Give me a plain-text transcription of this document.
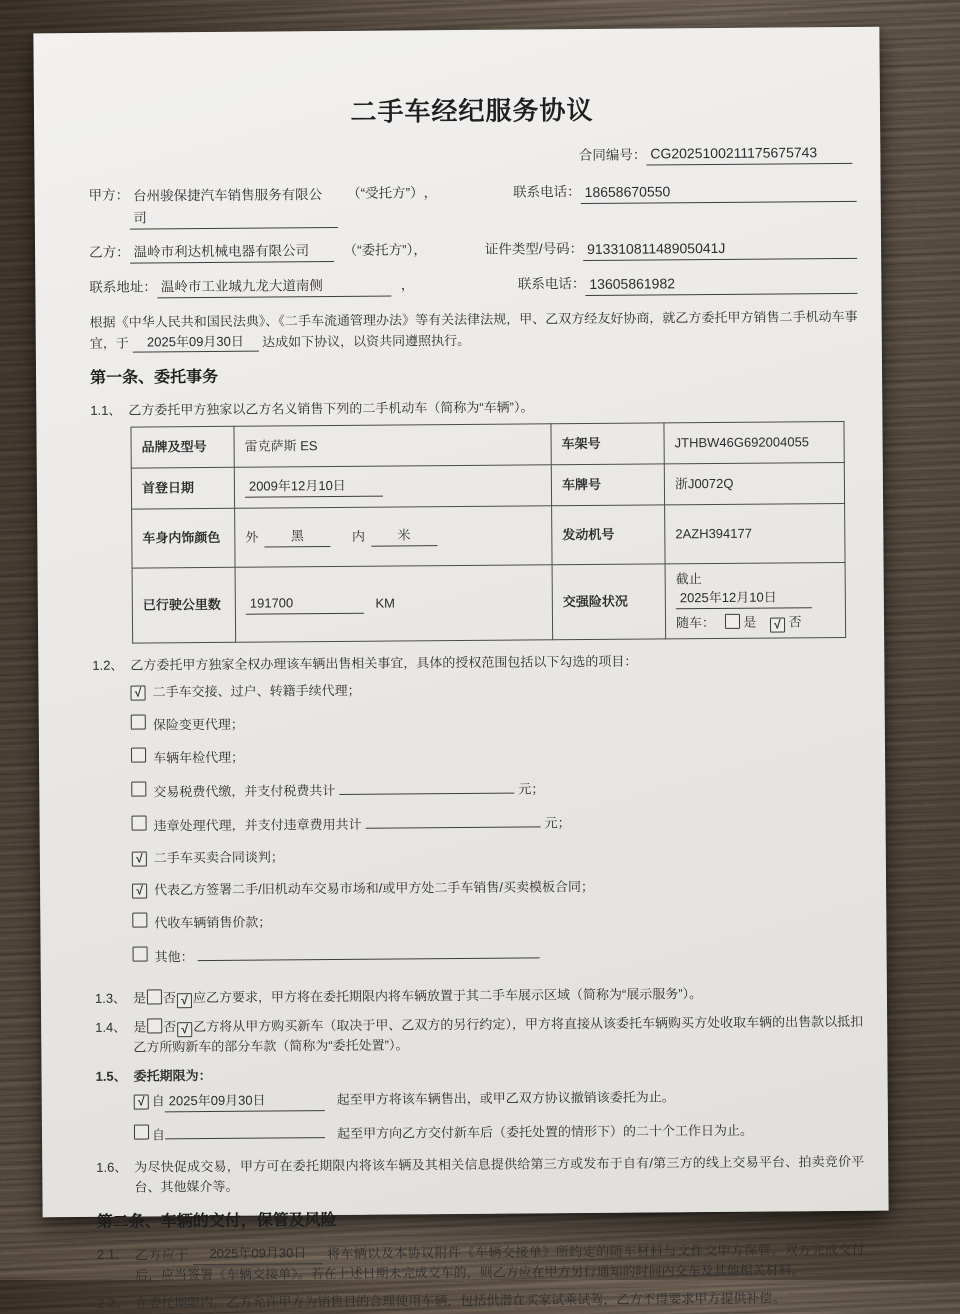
二手车经纪服务协议
合同编号： CG2025100211175675743
甲方： 台州骏保捷汽车销售服务有限公司
（“受托方”） ，	联系电话： 18658670550
乙方： 温岭市利达机械电器有限公司	（“委托方”），	证件类型/号码： 91331081148905041J
联系地址： 温岭市工业城九龙大道南侧	，	联系电话： 13605861982

根据《中华人民共和国民法典》、《二手车流通管理办法》等有关法律法规，甲、乙双方经友好协商，就乙方委托甲方销售二手机动车事宜，于 2025年09月30日 达成如下协议，以资共同遵照执行。

第一条、委托事务
1.1、 乙方委托甲方独家以乙方名义销售下列的二手机动车（简称为“车辆”）。
品牌及型号	雷克萨斯 ES	车架号	JTHBW46G692004055
首登日期	2009年12月10日	车牌号	浙J0072Q
车身内饰颜色	外 黑 内 米	发动机号	2AZH394177
已行驶公里数	191700 KM	交强险状况	截止2025年12月10日
随车： 是 √ 否
1.2、 乙方委托甲方独家全权办理该车辆出售相关事宜，具体的授权范围包括以下勾选的项目：
√ 二手车交接、过户、转籍手续代理；
保险变更代理；
车辆年检代理；
交易税费代缴，并支付税费共计	元；
违章处理代理，并支付违章费用共计	元；
√ 二手车买卖合同谈判；
√ 代表乙方签署二手/旧机动车交易市场和/或甲方处二手车销售/买卖模板合同；
代收车辆销售价款；
其他：
1.3、 是 否 √ 应乙方要求，甲方将在委托期限内将车辆放置于其二手车展示区域（简称为“展示服务”）。
1.4、 是 否 √ 乙方将从甲方购买新车（取决于甲、乙双方的另行约定），甲方将直接从该委托车辆购买方处收取车辆的出售款以抵扣乙方所购新车的部分车款（简称为“委托处置”）。
1.5、 委托期限为：
√ 自 2025年09月30日	起至甲方将该车辆售出，或甲乙双方协议撤销该委托为止。
自	起至甲方向乙方交付新车后（委托处置的情形下）的二十个工作日为止。
1.6、 为尽快促成交易，甲方可在委托期限内将该车辆及其相关信息提供给第三方或发布于自有/第三方的线上交易平台、拍卖竞价平台、其他媒介等。
第二条、车辆的交付，保管及风险
2.1、 乙方应于 2025年09月30日 将车辆以及本协议附件《车辆交接单》所约定的随车材料与文件交甲方保管。双方完成交付后，应当签署《车辆交接单》。若在上述日期未完成交车的，则乙方应在甲方另行通知的时间内交车及其他相关材料。
2.2、 在委托期限内，乙方允许甲方为销售目的合理使用车辆，包括供潜在买家试乘试驾，乙方不得要求甲方提供补偿。
